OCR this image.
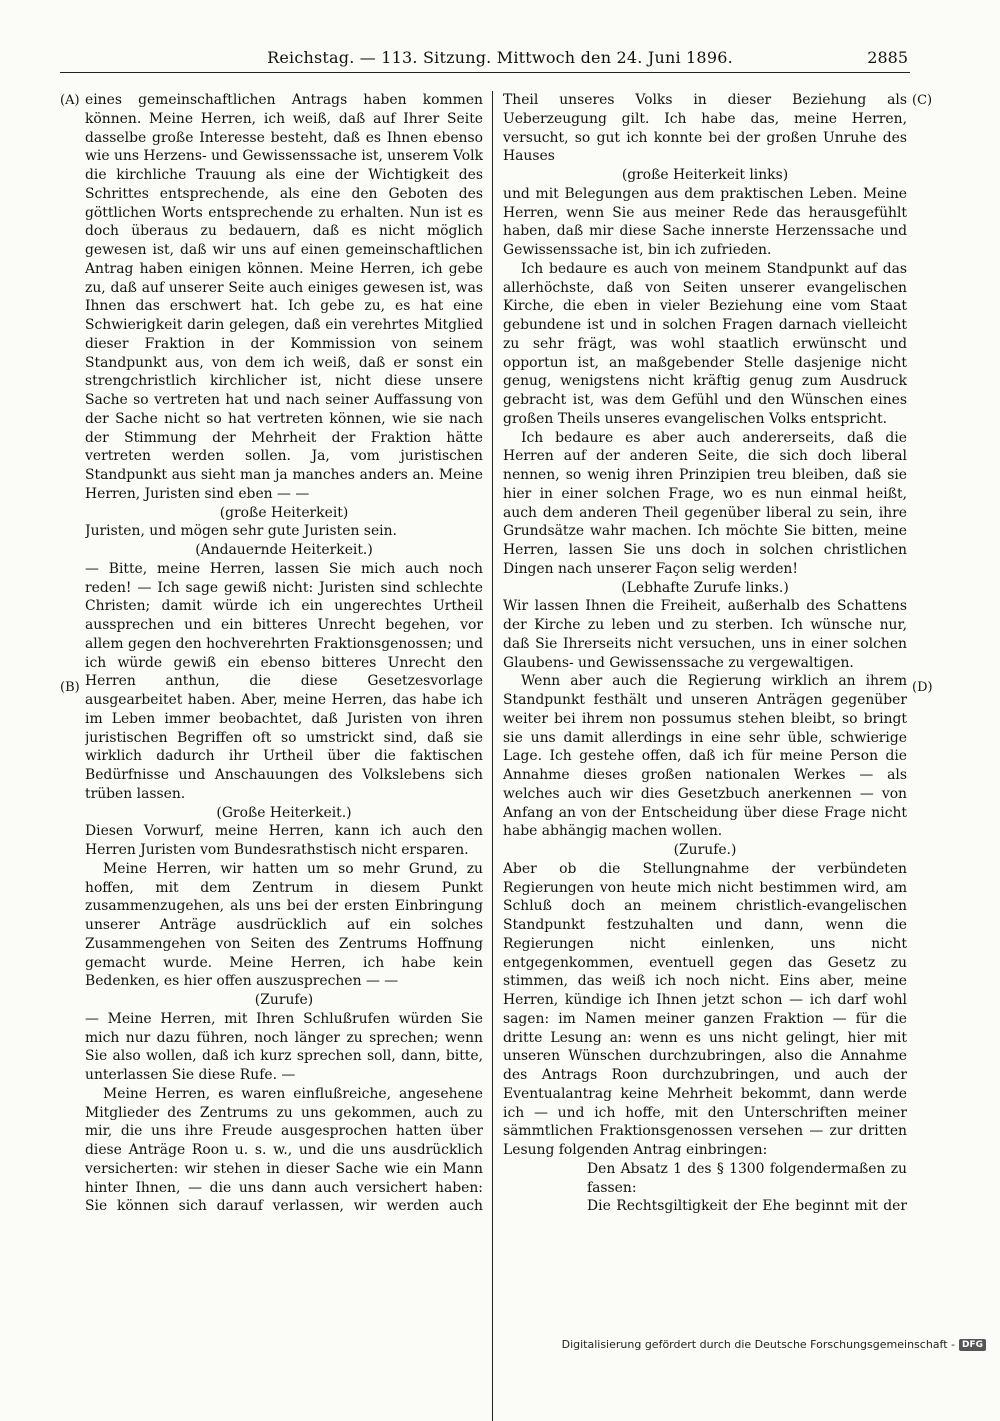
Reichstag. — 113. Sitzung. Mittwoch den 24. Juni 1896.	2885
(A)
(B)
(C)
(D)

eines gemeinschaftlichen Antrags haben kommen können. Meine Herren, ich weiß, daß auf Ihrer Seite dasselbe große Interesse besteht, daß es Ihnen ebenso wie uns Herzens- und Gewissenssache ist, unserem Volk die kirchliche Trauung als eine der Wichtigkeit des Schrittes entsprechende, als eine den Geboten des göttlichen Worts entsprechende zu erhalten. Nun ist es doch überaus zu bedauern, daß es nicht möglich gewesen ist, daß wir uns auf einen gemeinschaftlichen Antrag haben einigen können. Meine Herren, ich gebe zu, daß auf unserer Seite auch einiges gewesen ist, was Ihnen das erschwert hat. Ich gebe zu, es hat eine Schwierigkeit darin gelegen, daß ein verehrtes Mitglied dieser Fraktion in der Kommission von seinem Standpunkt aus, von dem ich weiß, daß er sonst ein strengchristlich kirchlicher ist, nicht diese unsere Sache so vertreten hat und nach seiner Auffassung von der Sache nicht so hat vertreten können, wie sie nach der Stimmung der Mehrheit der Fraktion hätte vertreten werden sollen. Ja, vom juristischen Standpunkt aus sieht man ja manches anders an. Meine Herren, Juristen sind eben — —

(große Heiterkeit)

Juristen, und mögen sehr gute Juristen sein.

(Andauernde Heiterkeit.)

— Bitte, meine Herren, lassen Sie mich auch noch reden! — Ich sage gewiß nicht: Juristen sind schlechte Christen; damit würde ich ein ungerechtes Urtheil aussprechen und ein bitteres Unrecht begehen, vor allem gegen den hochverehrten Fraktionsgenossen; und ich würde gewiß ein ebenso bitteres Unrecht den Herren anthun, die diese Gesetzesvorlage ausgearbeitet haben. Aber, meine Herren, das habe ich im Leben immer beobachtet, daß Juristen von ihren juristischen Begriffen oft so umstrickt sind, daß sie wirklich dadurch ihr Urtheil über die faktischen Bedürfnisse und Anschauungen des Volkslebens sich trüben lassen.

(Große Heiterkeit.)

Diesen Vorwurf, meine Herren, kann ich auch den Herren Juristen vom Bundesrathstisch nicht ersparen.

Meine Herren, wir hatten um so mehr Grund, zu hoffen, mit dem Zentrum in diesem Punkt zusammenzugehen, als uns bei der ersten Einbringung unserer Anträge ausdrücklich auf ein solches Zusammengehen von Seiten des Zentrums Hoffnung gemacht wurde. Meine Herren, ich habe kein Bedenken, es hier offen auszusprechen — —

(Zurufe)

— Meine Herren, mit Ihren Schlußrufen würden Sie mich nur dazu führen, noch länger zu sprechen; wenn Sie also wollen, daß ich kurz sprechen soll, dann, bitte, unterlassen Sie diese Rufe. —

Meine Herren, es waren einflußreiche, angesehene Mitglieder des Zentrums zu uns gekommen, auch zu mir, die uns ihre Freude ausgesprochen hatten über diese Anträge Roon u. s. w., und die uns ausdrücklich versicherten: wir stehen in dieser Sache wie ein Mann hinter Ihnen, — die uns dann auch versichert haben: Sie können sich darauf verlassen, wir werden auch

Theil unseres Volks in dieser Beziehung als Ueberzeugung gilt. Ich habe das, meine Herren, versucht, so gut ich konnte bei der großen Unruhe des Hauses

(große Heiterkeit links)

und mit Belegungen aus dem praktischen Leben. Meine Herren, wenn Sie aus meiner Rede das herausgefühlt haben, daß mir diese Sache innerste Herzenssache und Gewissenssache ist, bin ich zufrieden.

Ich bedaure es auch von meinem Standpunkt auf das allerhöchste, daß von Seiten unserer evangelischen Kirche, die eben in vieler Beziehung eine vom Staat gebundene ist und in solchen Fragen darnach vielleicht zu sehr frägt, was wohl staatlich erwünscht und opportun ist, an maßgebender Stelle dasjenige nicht genug, wenigstens nicht kräftig genug zum Ausdruck gebracht ist, was dem Gefühl und den Wünschen eines großen Theils unseres evangelischen Volks entspricht.

Ich bedaure es aber auch andererseits, daß die Herren auf der anderen Seite, die sich doch liberal nennen, so wenig ihren Prinzipien treu bleiben, daß sie hier in einer solchen Frage, wo es nun einmal heißt, auch dem anderen Theil gegenüber liberal zu sein, ihre Grundsätze wahr machen. Ich möchte Sie bitten, meine Herren, lassen Sie uns doch in solchen christlichen Dingen nach unserer Façon selig werden!

(Lebhafte Zurufe links.)

Wir lassen Ihnen die Freiheit, außerhalb des Schattens der Kirche zu leben und zu sterben. Ich wünsche nur, daß Sie Ihrerseits nicht versuchen, uns in einer solchen Glaubens- und Gewissenssache zu vergewaltigen.

Wenn aber auch die Regierung wirklich an ihrem Standpunkt festhält und unseren Anträgen gegenüber weiter bei ihrem non possumus stehen bleibt, so bringt sie uns damit allerdings in eine sehr üble, schwierige Lage. Ich gestehe offen, daß ich für meine Person die Annahme dieses großen nationalen Werkes — als welches auch wir dies Gesetzbuch anerkennen — von Anfang an von der Entscheidung über diese Frage nicht habe abhängig machen wollen.

(Zurufe.)

Aber ob die Stellungnahme der verbündeten Regierungen von heute mich nicht bestimmen wird, am Schluß doch an meinem christlich-evangelischen Standpunkt festzuhalten und dann, wenn die Regierungen nicht einlenken, uns nicht entgegenkommen, eventuell gegen das Gesetz zu stimmen, das weiß ich noch nicht. Eins aber, meine Herren, kündige ich Ihnen jetzt schon — ich darf wohl sagen: im Namen meiner ganzen Fraktion — für die dritte Lesung an: wenn es uns nicht gelingt, hier mit unseren Wünschen durchzubringen, also die Annahme des Antrags Roon durchzubringen, und auch der Eventualantrag keine Mehrheit bekommt, dann werde ich — und ich hoffe, mit den Unterschriften meiner sämmtlichen Fraktionsgenossen versehen — zur dritten Lesung folgenden Antrag einbringen:

Den Absatz 1 des § 1300 folgendermaßen zu fassen:

Die Rechtsgiltigkeit der Ehe beginnt mit der

Digitalisierung gefördert durch die Deutsche Forschungsgemeinschaft - DFG
